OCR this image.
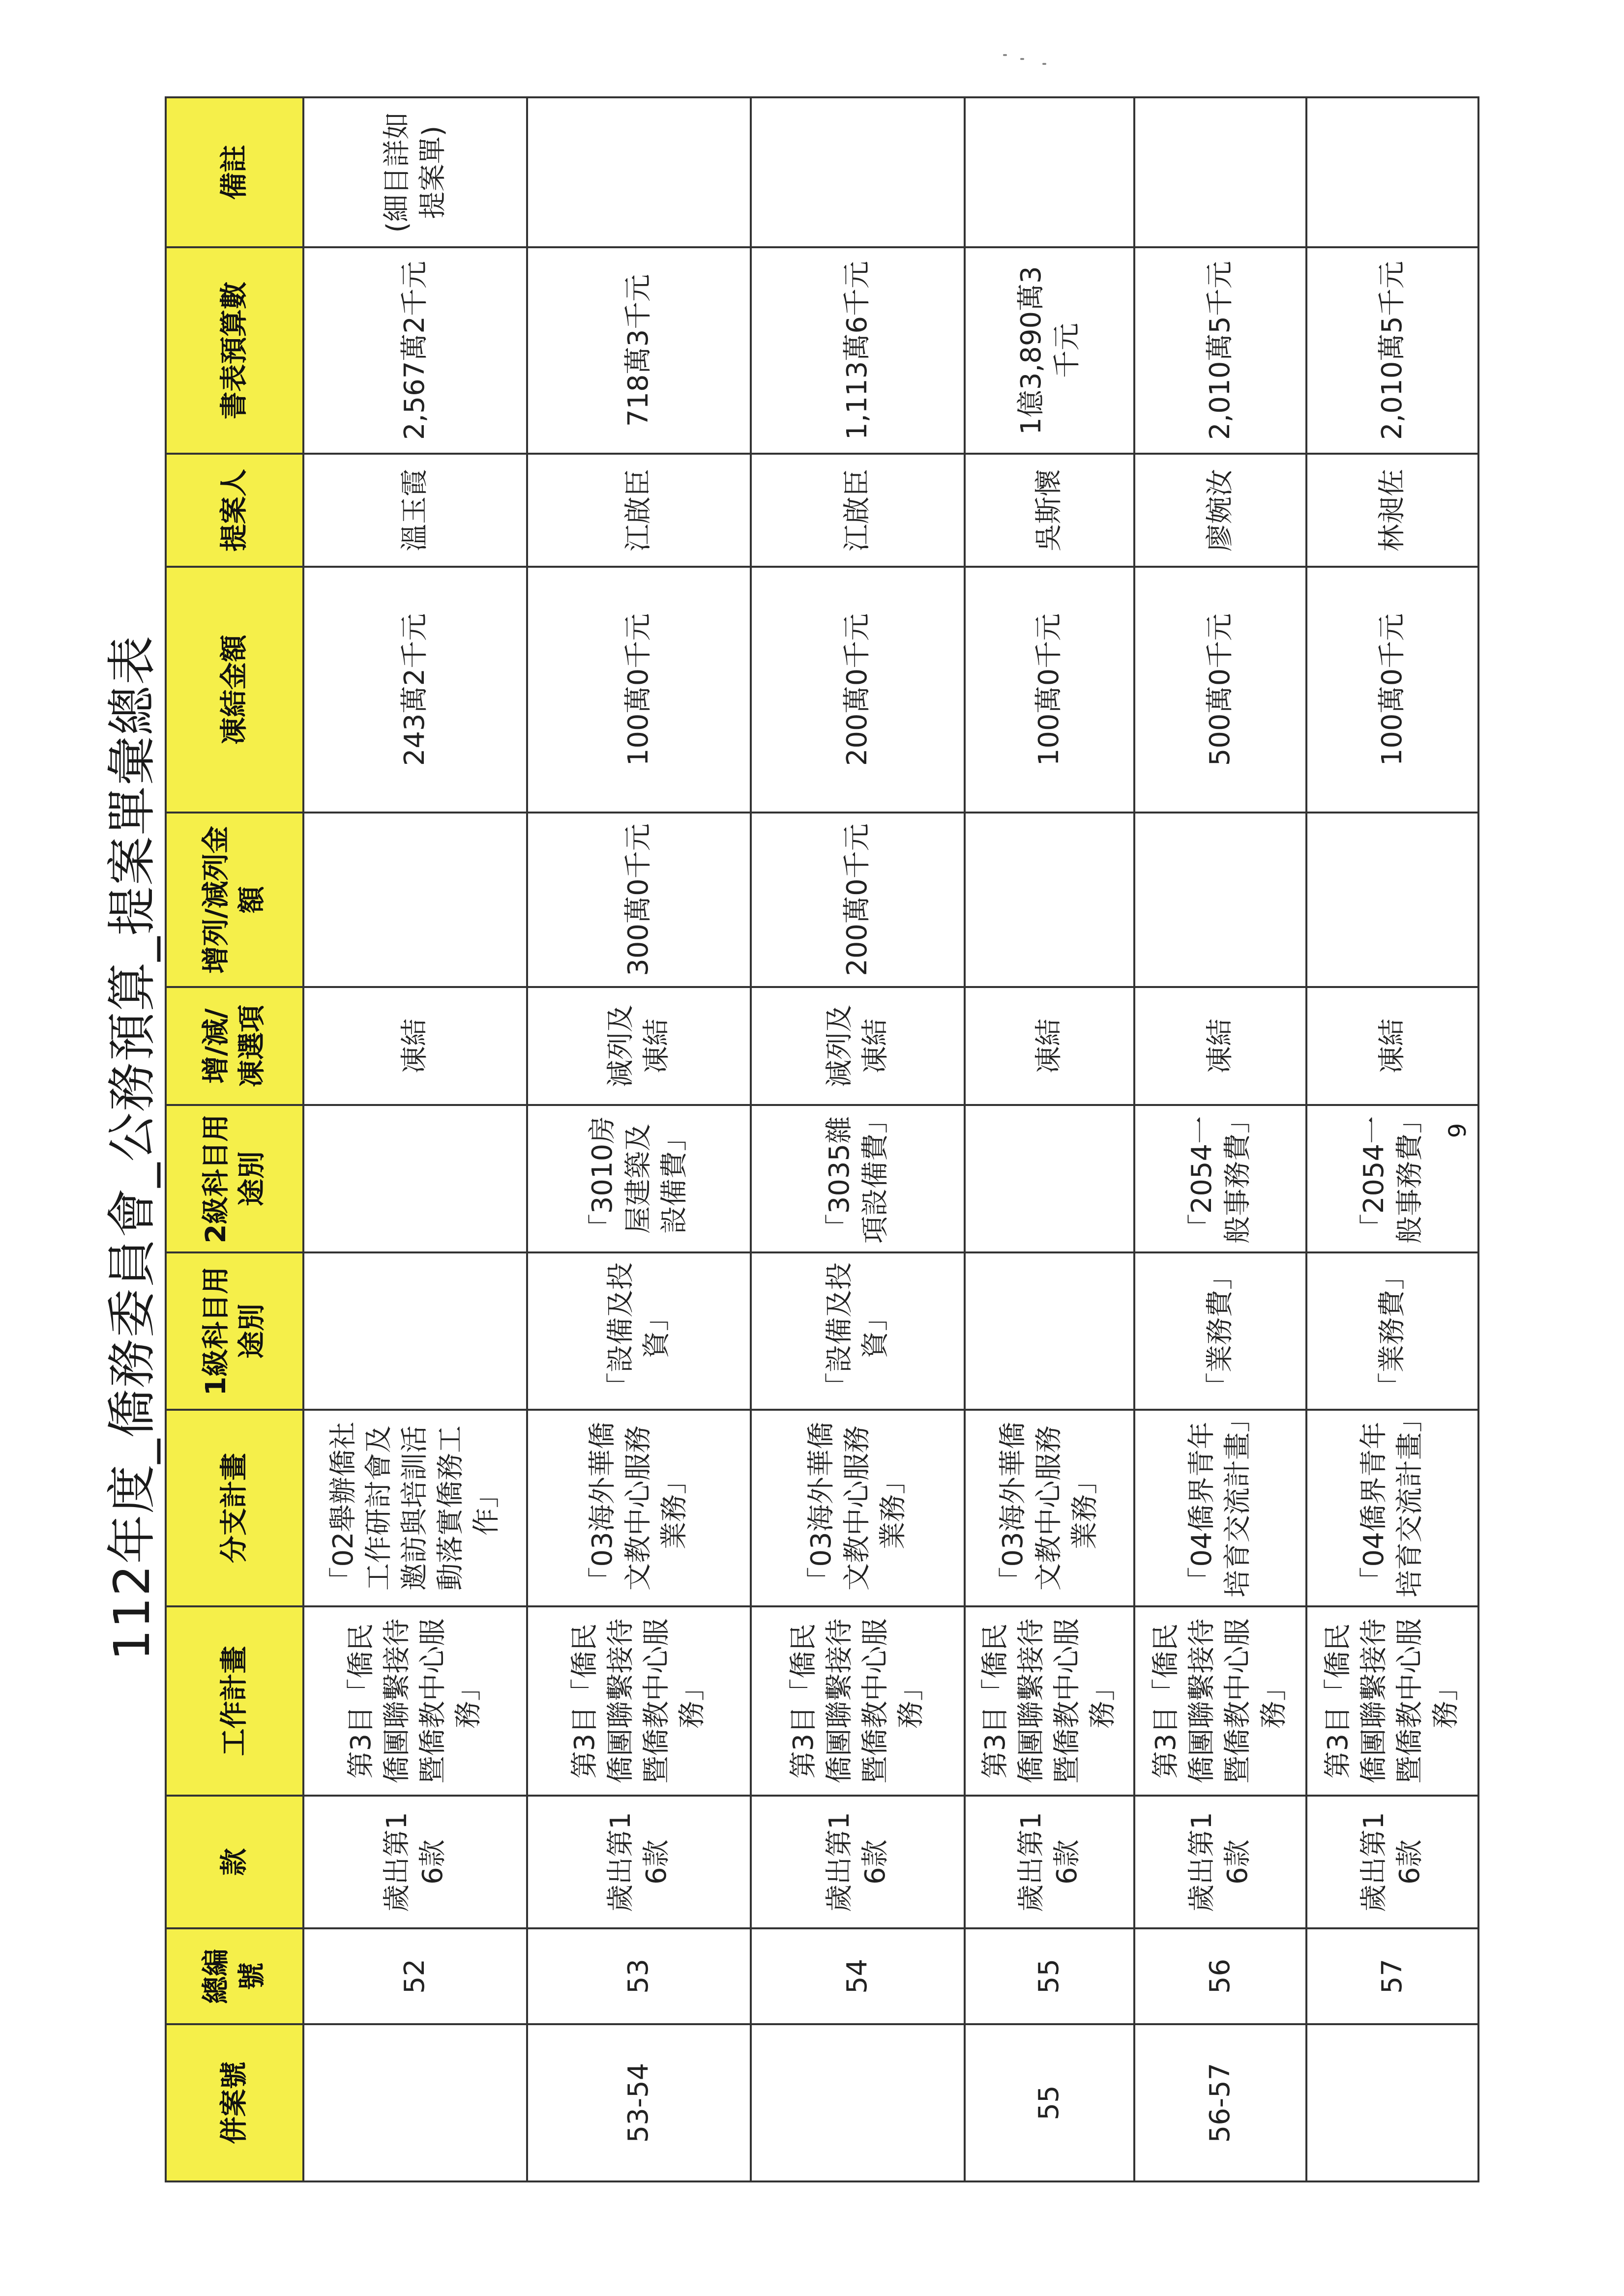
112年度_僑務委員會_公務預算_提案單彙總表
併案號	總編號	款	工作計畫	分支計畫	1級科目用途別	2級科目用途別	增/減/凍選項	增列/減列金額	凍結金額	提案人	書表預算數	備註
	52	歲出第16款	第3目「僑民僑團聯繫接待暨僑教中心服務」	「02舉辦僑社工作研討會及邀訪與培訓活動落實僑務工作」			凍結		243萬2千元	溫玉霞	2,567萬2千元	(細目詳如提案單)
53-54	53	歲出第16款	第3目「僑民僑團聯繫接待暨僑教中心服務」	「03海外華僑文教中心服務業務」	「設備及投資」	「3010房屋建築及設備費」	減列及凍結	300萬0千元	100萬0千元	江啟臣	718萬3千元	
	54	歲出第16款	第3目「僑民僑團聯繫接待暨僑教中心服務」	「03海外華僑文教中心服務業務」	「設備及投資」	「3035雜項設備費」	減列及凍結	200萬0千元	200萬0千元	江啟臣	1,113萬6千元	
55	55	歲出第16款	第3目「僑民僑團聯繫接待暨僑教中心服務」	「03海外華僑文教中心服務業務」			凍結		100萬0千元	吳斯懷	1億3,890萬3千元	
56-57	56	歲出第16款	第3目「僑民僑團聯繫接待暨僑教中心服務」	「04僑界青年培育交流計畫」	「業務費」	「2054一般事務費」	凍結		500萬0千元	廖婉汝	2,010萬5千元	
	57	歲出第16款	第3目「僑民僑團聯繫接待暨僑教中心服務」	「04僑界青年培育交流計畫」	「業務費」	「2054一般事務費」	凍結		100萬0千元	林昶佐	2,010萬5千元	
9
